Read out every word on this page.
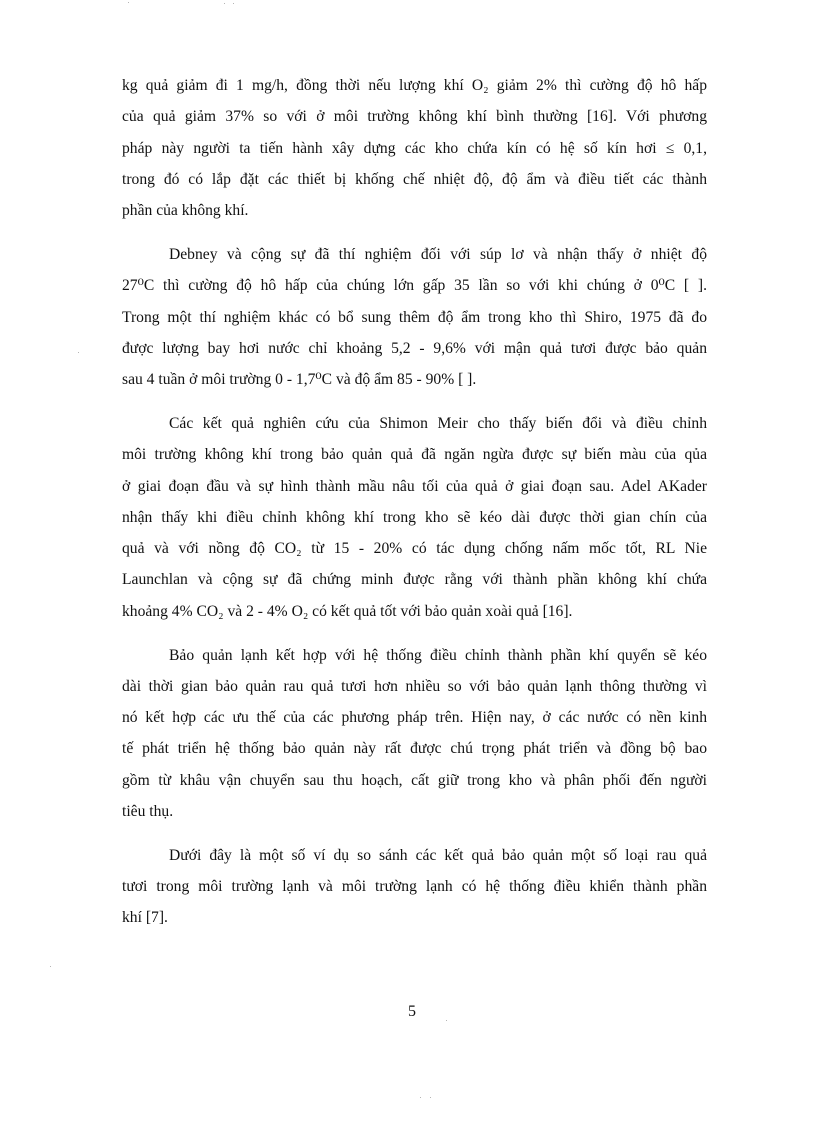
kg quả giảm đi 1 mg/h, đồng thời nếu lượng khí O₂ giảm 2% thì cường độ hô hấp
của quả giảm 37% so với ở môi trường không khí bình thường [16]. Với phương
pháp này người ta tiến hành xây dựng các kho chứa kín có hệ số kín hơi ≤ 0,1,
trong đó có lắp đặt các thiết bị khống chế nhiệt độ, độ ẩm và điều tiết các thành
phần của không khí.

Debney và cộng sự đã thí nghiệm đối với súp lơ và nhận thấy ở nhiệt độ
27⁰C thì cường độ hô hấp của chúng lớn gấp 35 lần so với khi chúng ở 0⁰C [ ].
Trong một thí nghiệm khác có bổ sung thêm độ ẩm trong kho thì Shiro, 1975 đã đo
được lượng bay hơi nước chỉ khoảng 5,2 - 9,6% với mận quả tươi được bảo quản
sau 4 tuần ở môi trường 0 - 1,7⁰C và độ ẩm 85 - 90% [ ].

Các kết quả nghiên cứu của Shimon Meir cho thấy biến đổi và điều chỉnh
môi trường không khí trong bảo quản quả đã ngăn ngừa được sự biến màu của qủa
ở giai đoạn đầu và sự hình thành mầu nâu tối của quả ở giai đoạn sau. Adel AKader
nhận thấy khi điều chỉnh không khí trong kho sẽ kéo dài được thời gian chín của
quả và với nồng độ CO₂ từ 15 - 20% có tác dụng chống nấm mốc tốt, RL Nie
Launchlan và cộng sự đã chứng minh được rằng với thành phần không khí chứa
khoảng 4% CO₂ và 2 - 4% O₂ có kết quả tốt với bảo quản xoài quả [16].

Bảo quản lạnh kết hợp với hệ thống điều chỉnh thành phần khí quyển sẽ kéo
dài thời gian bảo quản rau quả tươi hơn nhiều so với bảo quản lạnh thông thường vì
nó kết hợp các ưu thế của các phương pháp trên. Hiện nay, ở các nước có nền kinh
tế phát triển hệ thống bảo quản này rất được chú trọng phát triển và đồng bộ bao
gồm từ khâu vận chuyển sau thu hoạch, cất giữ trong kho và phân phối đến người
tiêu thụ.

Dưới đây là một số ví dụ so sánh các kết quả bảo quản một số loại rau quả
tươi trong môi trường lạnh và môi trường lạnh có hệ thống điều khiển thành phần
khí [7].

5
